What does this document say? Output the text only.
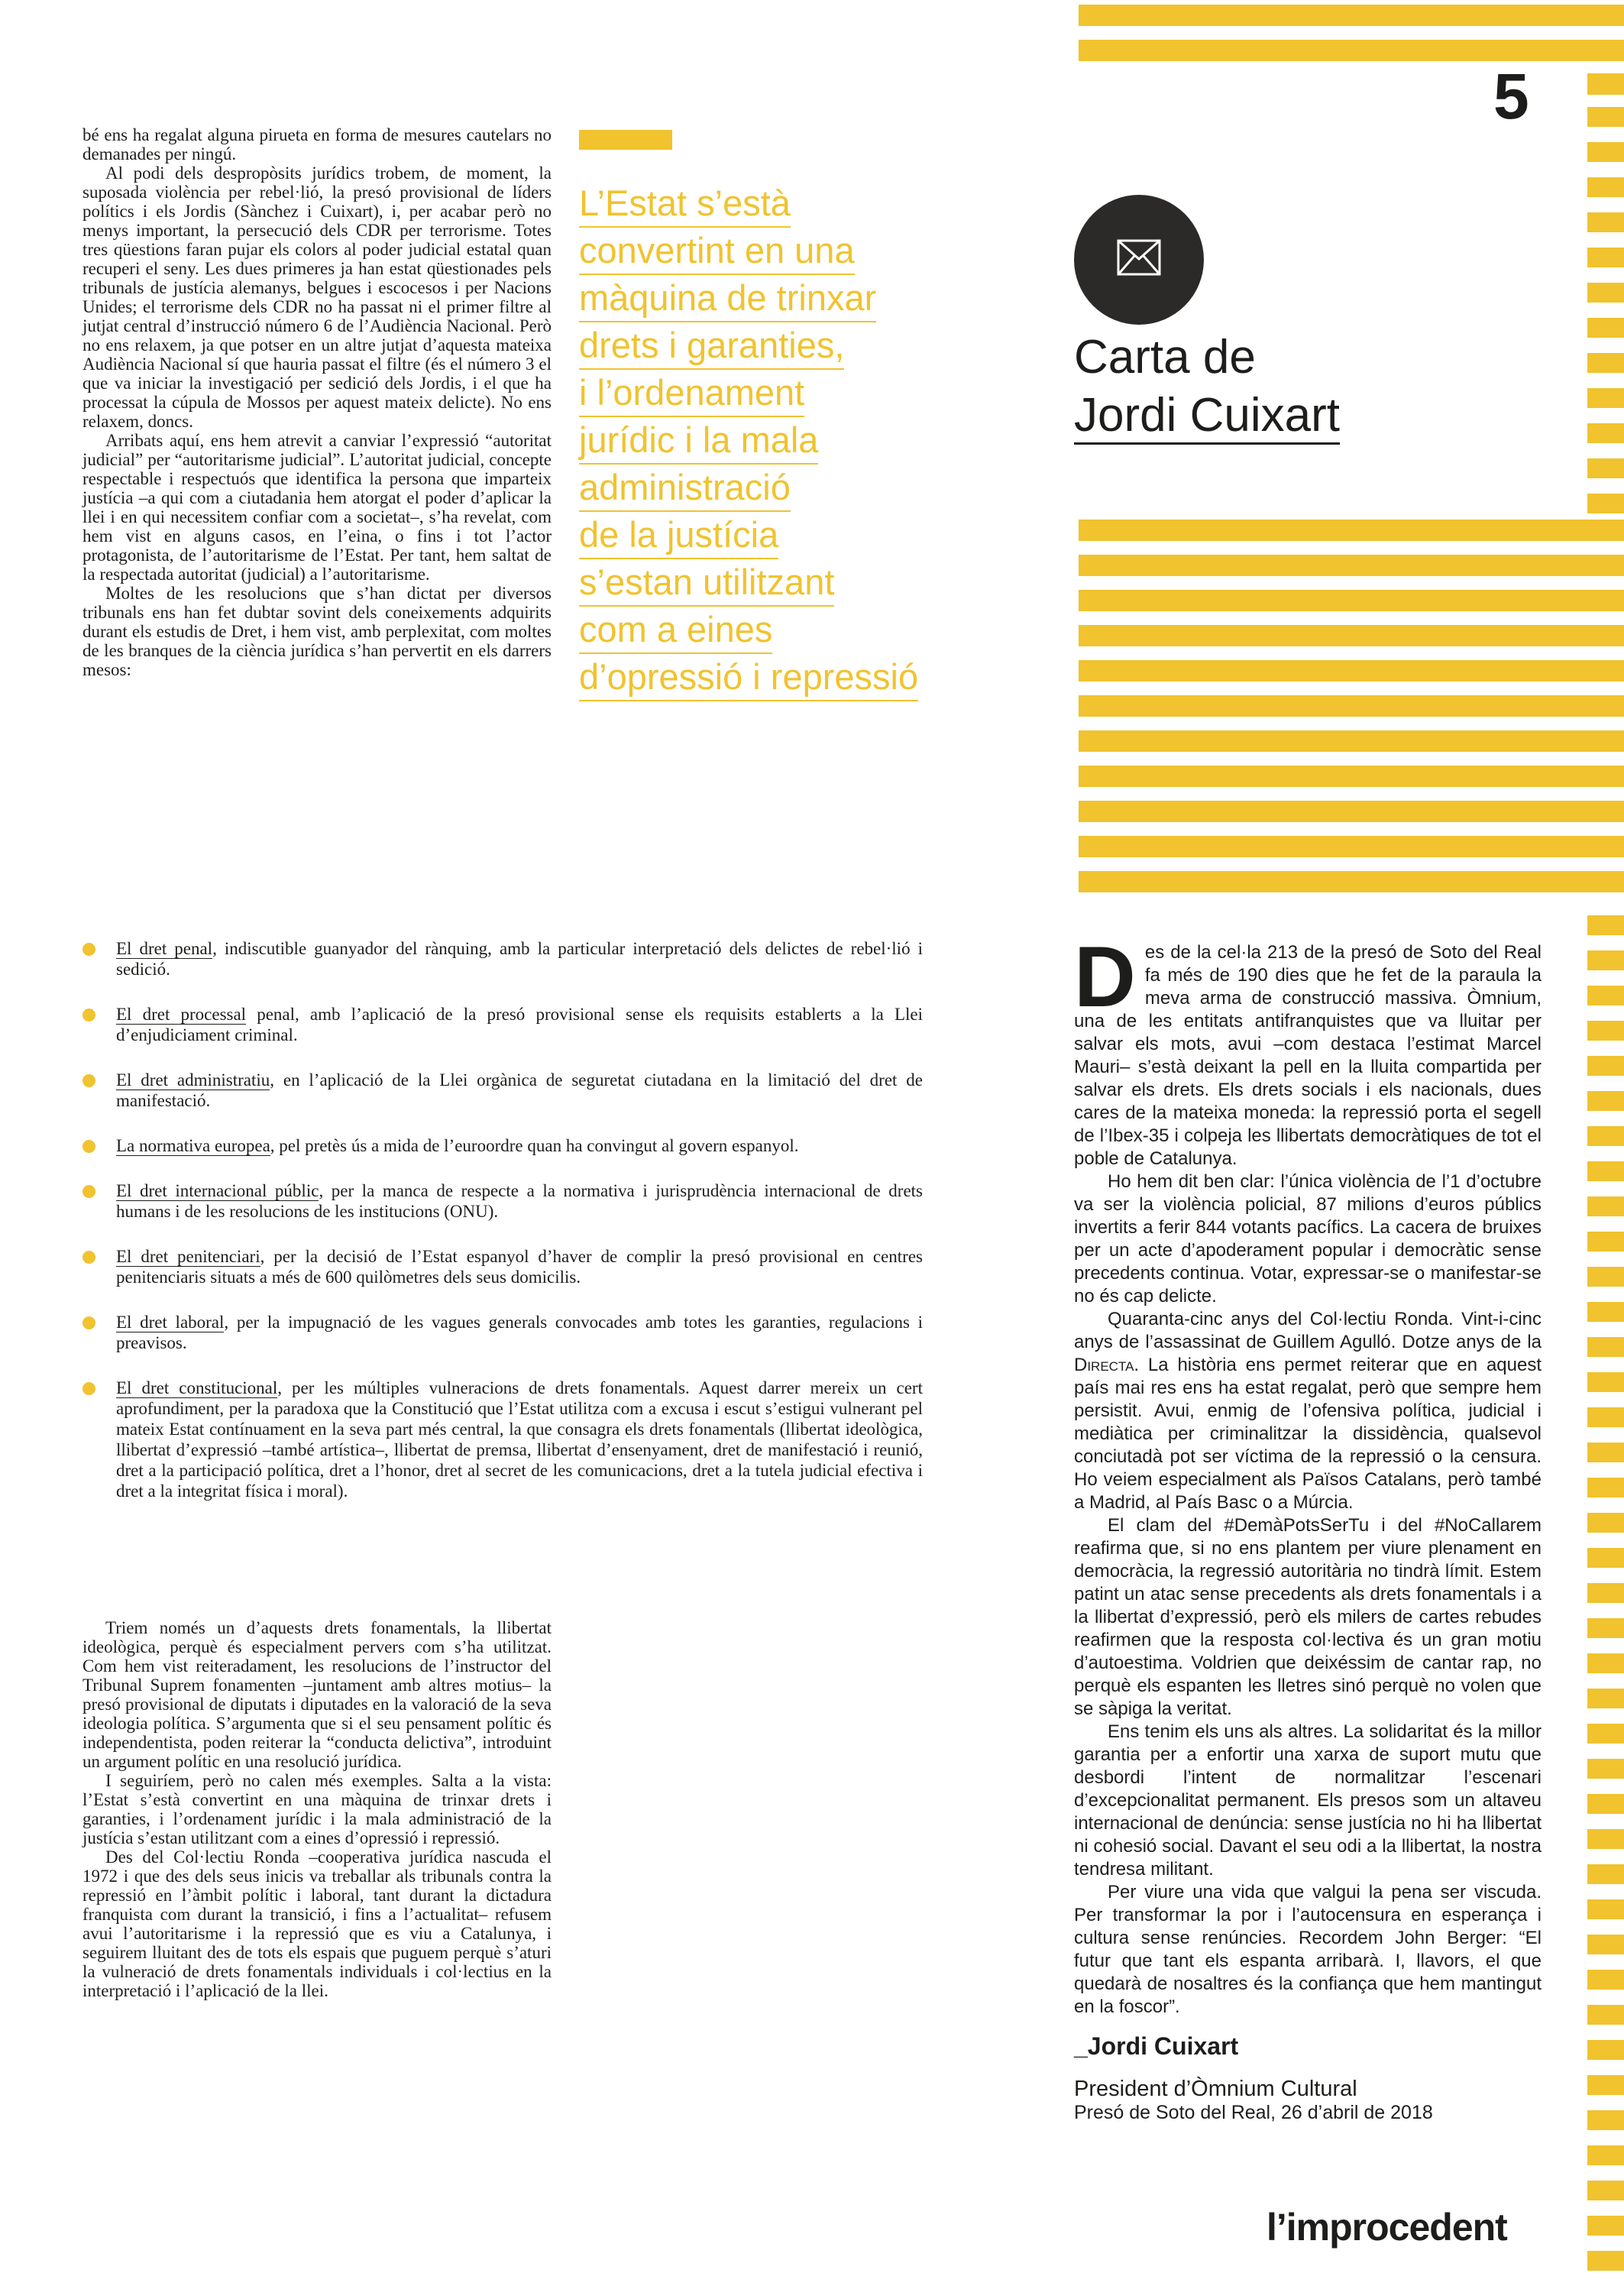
5

bé ens ha regalat alguna pirueta en forma de mesures cautelars no demanades per ningú.

Al podi dels despropòsits jurídics trobem, de moment, la suposada violència per rebel·lió, la presó provisional de líders polítics i els Jordis (Sànchez i Cuixart), i, per acabar però no menys important, la persecució dels CDR per terrorisme. Totes tres qüestions faran pujar els colors al poder judicial estatal quan recuperi el seny. Les dues primeres ja han estat qüestionades pels tribunals de justícia alemanys, belgues i escocesos i per Nacions Unides; el terrorisme dels CDR no ha passat ni el primer filtre al jutjat central d’instrucció número 6 de l’Audiència Nacional. Però no ens relaxem, ja que potser en un altre jutjat d’aquesta mateixa Audiència Nacional sí que hauria passat el filtre (és el número 3 el que va iniciar la investigació per sedició dels Jordis, i el que ha processat la cúpula de Mossos per aquest mateix delicte). No ens relaxem, doncs.

Arribats aquí, ens hem atrevit a canviar l’expressió “autoritat judicial” per “autoritarisme judicial”. L’autoritat judicial, concepte respectable i respectuós que identifica la persona que imparteix justícia –a qui com a ciutadania hem atorgat el poder d’aplicar la llei i en qui necessitem confiar com a societat–, s’ha revelat, com hem vist en alguns casos, en l’eina, o fins i tot l’actor protagonista, de l’autoritarisme de l’Estat. Per tant, hem saltat de la respectada autoritat (judicial) a l’autoritarisme.

Moltes de les resolucions que s’han dictat per diversos tribunals ens han fet dubtar sovint dels coneixements adquirits durant els estudis de Dret, i hem vist, amb perplexitat, com moltes de les branques de la ciència jurídica s’han pervertit en els darrers mesos:

L’Estat s’està
convertint en una
màquina de trinxar
drets i garanties,
i l’ordenament
jurídic i la mala
administració
de la justícia
s’estan utilitzant
com a eines
d’opressió i repressió
Carta de
Jordi Cuixart
El dret penal, indiscutible guanyador del rànquing, amb la particular interpretació dels delictes de rebel·lió i sedició.
El dret processal penal, amb l’aplicació de la presó provisional sense els requisits establerts a la Llei d’enjudiciament criminal.
El dret administratiu, en l’aplicació de la Llei orgànica de seguretat ciutadana en la limitació del dret de manifestació.
La normativa europea, pel pretès ús a mida de l’euroordre quan ha convingut al govern espanyol.
El dret internacional públic, per la manca de respecte a la normativa i jurisprudència internacional de drets humans i de les resolucions de les institucions (ONU).
El dret penitenciari, per la decisió de l’Estat espanyol d’haver de complir la presó provisional en centres penitenciaris situats a més de 600 quilòmetres dels seus domicilis.
El dret laboral, per la impugnació de les vagues generals convocades amb totes les garanties, regulacions i preavisos.
El dret constitucional, per les múltiples vulneracions de drets fonamentals. Aquest darrer mereix un cert aprofundiment, per la paradoxa que la Constitució que l’Estat utilitza com a excusa i escut s’estigui vulnerant pel mateix Estat contínuament en la seva part més central, la que consagra els drets fonamentals (llibertat ideològica, llibertat d’expressió –també artística–, llibertat de premsa, llibertat d’ensenyament, dret de manifestació i reunió, dret a la participació política, dret a l’honor, dret al secret de les comunicacions, dret a la tutela judicial efectiva i dret a la integritat física i moral).

Triem només un d’aquests drets fonamentals, la llibertat ideològica, perquè és especialment pervers com s’ha utilitzat. Com hem vist reiteradament, les resolucions de l’instructor del Tribunal Suprem fonamenten –juntament amb altres motius– la presó provisional de diputats i diputades en la valoració de la seva ideologia política. S’argumenta que si el seu pensament polític és independentista, poden reiterar la “conducta delictiva”, introduint un argument polític en una resolució jurídica.

I seguiríem, però no calen més exemples. Salta a la vista: l’Estat s’està convertint en una màquina de trinxar drets i garanties, i l’ordenament jurídic i la mala administració de la justícia s’estan utilitzant com a eines d’opressió i repressió.

Des del Col·lectiu Ronda –cooperativa jurídica nascuda el 1972 i que des dels seus inicis va treballar als tribunals contra la repressió en l’àmbit polític i laboral, tant durant la dictadura franquista com durant la transició, i fins a l’actualitat– refusem avui l’autoritarisme i la repressió que es viu a Catalunya, i seguirem lluitant des de tots els espais que puguem perquè s’aturi la vulneració de drets fonamentals individuals i col·lectius en la interpretació i l’aplicació de la llei.

Des de la cel·la 213 de la presó de Soto del Real fa més de 190 dies que he fet de la paraula la meva arma de construcció massiva. Òmnium, una de les entitats antifranquistes que va lluitar per salvar els mots, avui –com destaca l’estimat Marcel Mauri– s’està deixant la pell en la lluita compartida per salvar els drets. Els drets socials i els nacionals, dues cares de la mateixa moneda: la repressió porta el segell de l’Ibex-35 i colpeja les llibertats democràtiques de tot el poble de Catalunya.

Ho hem dit ben clar: l’única violència de l’1 d’octubre va ser la violència policial, 87 milions d’euros públics invertits a ferir 844 votants pacífics. La cacera de bruixes per un acte d’apoderament popular i democràtic sense precedents continua. Votar, expressar-se o manifestar-se no és cap delicte.

Quaranta-cinc anys del Col·lectiu Ronda. Vint-i-cinc anys de l’assassinat de Guillem Agulló. Dotze anys de la Directa. La història ens permet reiterar que en aquest país mai res ens ha estat regalat, però que sempre hem persistit. Avui, enmig de l’ofensiva política, judicial i mediàtica per criminalitzar la dissidència, qualsevol conciutadà pot ser víctima de la repressió o la censura. Ho veiem especialment als Països Catalans, però també a Madrid, al País Basc o a Múrcia.

El clam del #DemàPotsSerTu i del #NoCallarem reafirma que, si no ens plantem per viure plenament en democràcia, la regressió autoritària no tindrà límit. Estem patint un atac sense precedents als drets fonamentals i a la llibertat d’expressió, però els milers de cartes rebudes reafirmen que la resposta col·lectiva és un gran motiu d’autoestima. Voldrien que deixéssim de cantar rap, no perquè els espanten les lletres sinó perquè no volen que se sàpiga la veritat.

Ens tenim els uns als altres. La solidaritat és la millor garantia per a enfortir una xarxa de suport mutu que desbordi l’intent de normalitzar l’escenari d’excepcionalitat permanent. Els presos som un altaveu internacional de denúncia: sense justícia no hi ha llibertat ni cohesió social. Davant el seu odi a la llibertat, la nostra tendresa militant.

Per viure una vida que valgui la pena ser viscuda. Per transformar la por i l’autocensura en esperança i cultura sense renúncies. Recordem John Berger: “El futur que tant els espanta arribarà. I, llavors, el que quedarà de nosaltres és la confiança que hem mantingut en la foscor”.

_Jordi Cuixart
President d’Òmnium Cultural
Presó de Soto del Real, 26 d’abril de 2018
l’improcedent
